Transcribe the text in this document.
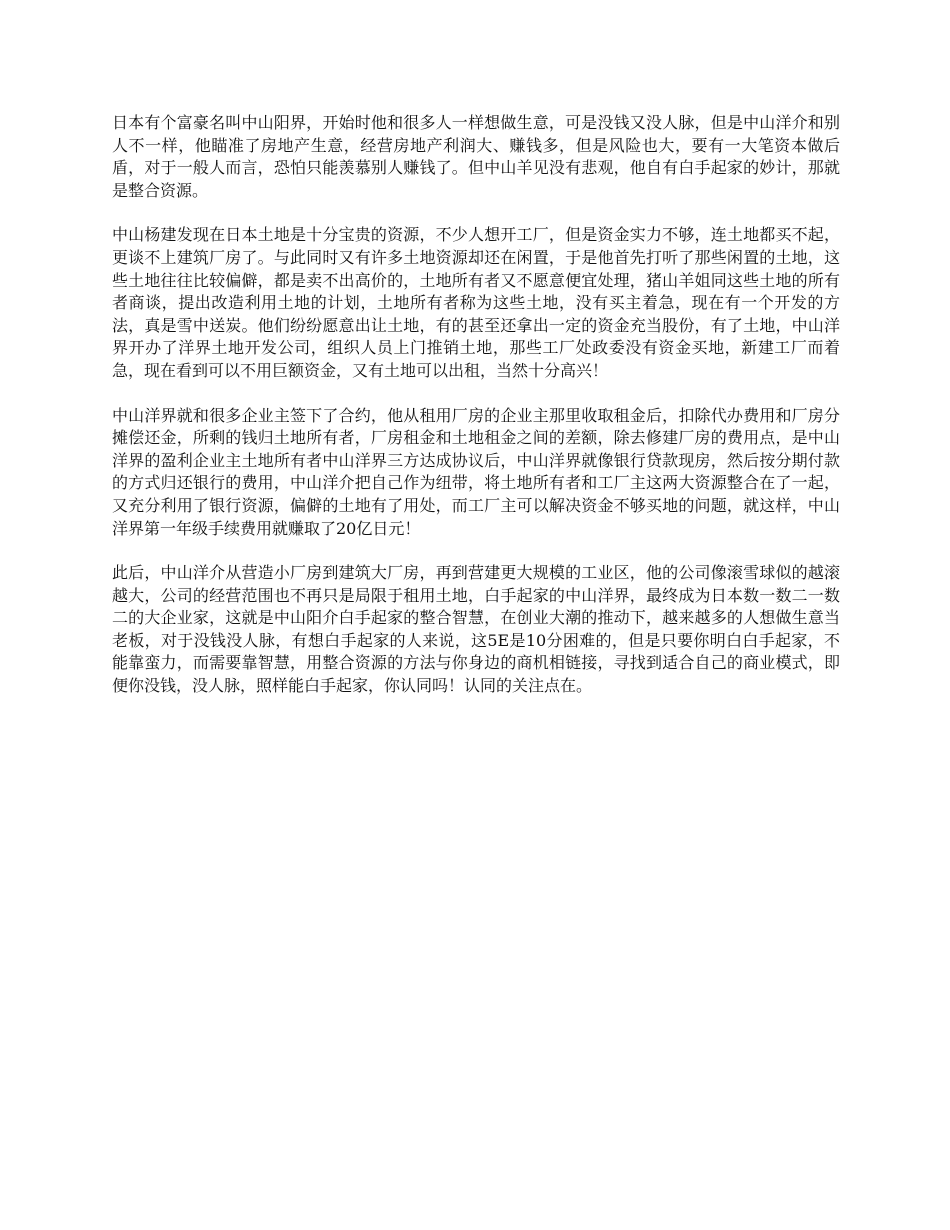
日本有个富豪名叫中山阳界，开始时他和很多人一样想做生意，可是没钱又没人脉，但是中山洋介和别人不一样，他瞄准了房地产生意，经营房地产利润大、赚钱多，但是风险也大，要有一大笔资本做后盾，对于一般人而言，恐怕只能羡慕别人赚钱了。但中山羊见没有悲观，他自有白手起家的妙计，那就是整合资源。

中山杨建发现在日本土地是十分宝贵的资源，不少人想开工厂，但是资金实力不够，连土地都买不起，更谈不上建筑厂房了。与此同时又有许多土地资源却还在闲置，于是他首先打听了那些闲置的土地，这些土地往往比较偏僻，都是卖不出高价的，土地所有者又不愿意便宜处理，猪山羊姐同这些土地的所有者商谈，提出改造利用土地的计划，土地所有者称为这些土地，没有买主着急，现在有一个开发的方法，真是雪中送炭。他们纷纷愿意出让土地，有的甚至还拿出一定的资金充当股份，有了土地，中山洋界开办了洋界土地开发公司，组织人员上门推销土地，那些工厂处政委没有资金买地，新建工厂而着急，现在看到可以不用巨额资金，又有土地可以出租，当然十分高兴！

中山洋界就和很多企业主签下了合约，他从租用厂房的企业主那里收取租金后，扣除代办费用和厂房分摊偿还金，所剩的钱归土地所有者，厂房租金和土地租金之间的差额，除去修建厂房的费用点，是中山洋界的盈利企业主土地所有者中山洋界三方达成协议后，中山洋界就像银行贷款现房，然后按分期付款的方式归还银行的费用，中山洋介把自己作为纽带，将土地所有者和工厂主这两大资源整合在了一起，又充分利用了银行资源，偏僻的土地有了用处，而工厂主可以解决资金不够买地的问题，就这样，中山洋界第一年级手续费用就赚取了20亿日元！

此后，中山洋介从营造小厂房到建筑大厂房，再到营建更大规模的工业区，他的公司像滚雪球似的越滚越大，公司的经营范围也不再只是局限于租用土地，白手起家的中山洋界，最终成为日本数一数二一数二的大企业家，这就是中山阳介白手起家的整合智慧，在创业大潮的推动下，越来越多的人想做生意当老板，对于没钱没人脉，有想白手起家的人来说，这5E是10分困难的，但是只要你明白白手起家，不能靠蛮力，而需要靠智慧，用整合资源的方法与你身边的商机相链接，寻找到适合自己的商业模式，即便你没钱，没人脉，照样能白手起家，你认同吗！认同的关注点在。
